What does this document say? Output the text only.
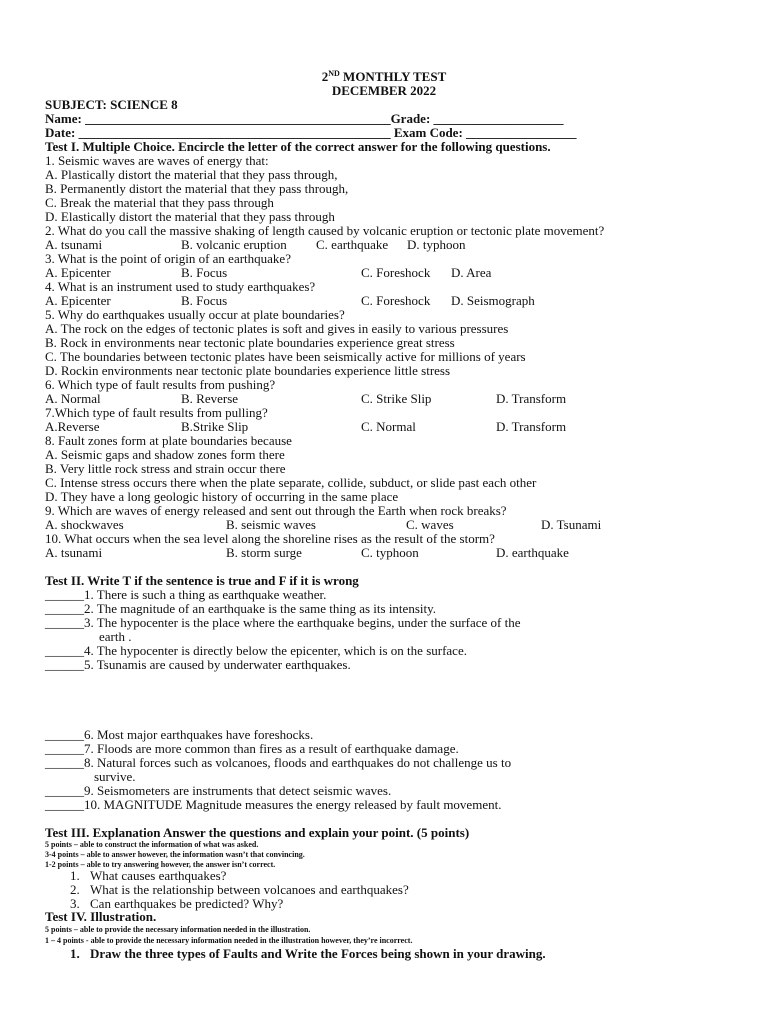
2ND MONTHLY TEST
DECEMBER 2022
SUBJECT: SCIENCE 8
Name: _______________________________________________Grade: ____________________
Date: ________________________________________________ Exam Code: _________________
Test I. Multiple Choice. Encircle the letter of the correct answer for the following questions.
1. Seismic waves are waves of energy that:
A. Plastically distort the material that they pass through,
B. Permanently distort the material that they pass through,
C. Break the material that they pass through
D. Elastically distort the material that they pass through
2. What do you call the massive shaking of length caused by volcanic eruption or tectonic plate movement?
A. tsunami	B. volcanic eruption C. earthquake D. typhoon
3. What is the point of origin of an earthquake?
A. Epicenter	B. Focus	C. Foreshock D. Area
4. What is an instrument used to study earthquakes?
A. Epicenter	B. Focus	C. Foreshock D. Seismograph
5. Why do earthquakes usually occur at plate boundaries?
A. The rock on the edges of tectonic plates is soft and gives in easily to various pressures
B. Rock in environments near tectonic plate boundaries experience great stress
C. The boundaries between tectonic plates have been seismically active for millions of years
D. Rockin environments near tectonic plate boundaries experience little stress
6. Which type of fault results from pushing?
A. Normal	B. Reverse	C. Strike Slip	D. Transform
7.Which type of fault results from pulling?
A.Reverse	B.Strike Slip	C. Normal	D. Transform
8. Fault zones form at plate boundaries because
A. Seismic gaps and shadow zones form there
B. Very little rock stress and strain occur there
C. Intense stress occurs there when the plate separate, collide, subduct, or slide past each other
D. They have a long geologic history of occurring in the same place
9. Which are waves of energy released and sent out through the Earth when rock breaks?
A. shockwaves	B. seismic waves	C. waves	D. Tsunami
10. What occurs when the sea level along the shoreline rises as the result of the storm?
A. tsunami	B. storm surge	C. typhoon	D. earthquake
Test II. Write T if the sentence is true and F if it is wrong
______1. There is such a thing as earthquake weather.
______2. The magnitude of an earthquake is the same thing as its intensity.
______3. The hypocenter is the place where the earthquake begins, under the surface of the
earth .
______4. The hypocenter is directly below the epicenter, which is on the surface.
______5. Tsunamis are caused by underwater earthquakes.
______6. Most major earthquakes have foreshocks.
______7. Floods are more common than fires as a result of earthquake damage.
______8. Natural forces such as volcanoes, floods and earthquakes do not challenge us to
survive.
______9. Seismometers are instruments that detect seismic waves.
______10. MAGNITUDE Magnitude measures the energy released by fault movement.
Test III. Explanation Answer the questions and explain your point. (5 points)
5 points – able to construct the information of what was asked.
3-4 points – able to answer however, the information wasn’t that convincing.
1-2 points – able to try answering however, the answer isn’t correct.
1. What causes earthquakes?
2. What is the relationship between volcanoes and earthquakes?
3. Can earthquakes be predicted? Why?
Test IV. Illustration.
5 points – able to provide the necessary information needed in the illustration.
1 – 4 points - able to provide the necessary information needed in the illustration however, they’re incorrect.
1. Draw the three types of Faults and Write the Forces being shown in your drawing.
